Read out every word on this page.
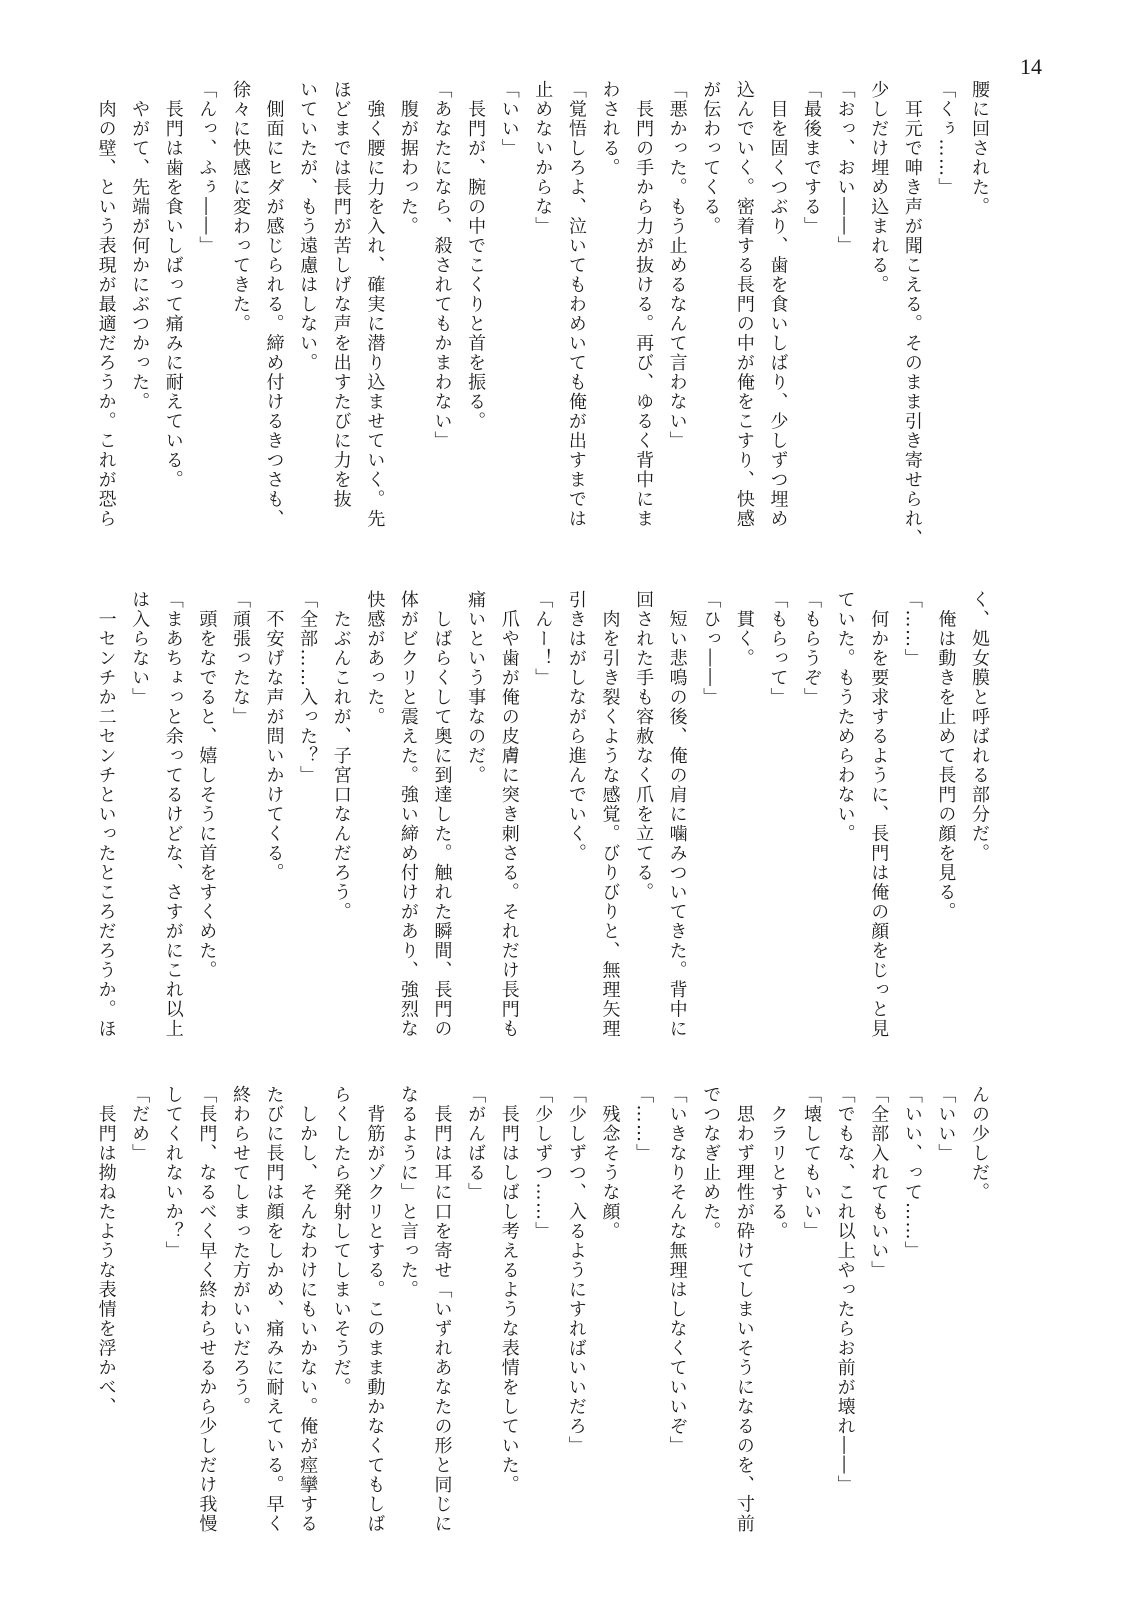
14
腰に回された。
「くぅ……」
　耳元で呻き声が聞こえる。そのまま引き寄せられ、
少しだけ埋め込まれる。
「おっ、おい――」
「最後までする」
　目を固くつぶり、歯を食いしばり、少しずつ埋め
込んでいく。密着する長門の中が俺をこすり、快感
が伝わってくる。
「悪かった。もう止めるなんて言わない」
　長門の手から力が抜ける。再び、ゆるく背中にま
わされる。
「覚悟しろよ、泣いてもわめいても俺が出すまでは
止めないからな」
「いい」
　長門が、腕の中でこくりと首を振る。
「あなたになら、殺されてもかまわない」
　腹が据わった。
　強く腰に力を入れ、確実に潜り込ませていく。先
ほどまでは長門が苦しげな声を出すたびに力を抜
いていたが、もう遠慮はしない。
　側面にヒダが感じられる。締め付けるきつさも、
徐々に快感に変わってきた。
「んっ、ふぅ――」
　長門は歯を食いしばって痛みに耐えている。
　やがて、先端が何かにぶつかった。
　肉の壁、という表現が最適だろうか。これが恐ら
く、処女膜と呼ばれる部分だ。
　俺は動きを止めて長門の顔を見る。
「……」
　何かを要求するように、長門は俺の顔をじっと見
ていた。もうためらわない。
「もらうぞ」
「もらって」
　貫く。
「ひっ――」
　短い悲鳴の後、俺の肩に噛みついてきた。背中に
回された手も容赦なく爪を立てる。
　肉を引き裂くような感覚。びりびりと、無理矢理
引きはがしながら進んでいく。
「んー！」
　爪や歯が俺の皮膚に突き刺さる。それだけ長門も
痛いという事なのだ。
　しばらくして奥に到達した。触れた瞬間、長門の
体がビクリと震えた。強い締め付けがあり、強烈な
快感があった。
　たぶんこれが、子宮口なんだろう。
「全部……入った？」
　不安げな声が問いかけてくる。
「頑張ったな」
　頭をなでると、嬉しそうに首をすくめた。
「まあちょっと余ってるけどな、さすがにこれ以上
は入らない」
　一センチか二センチといったところだろうか。ほ
んの少しだ。
「いい」
「いい、って……」
「全部入れてもいい」
「でもな、これ以上やったらお前が壊れ――」
「壊してもいい」
　クラリとする。
　思わず理性が砕けてしまいそうになるのを、寸前
でつなぎ止めた。
「いきなりそんな無理はしなくていいぞ」
「……」
　残念そうな顔。
「少しずつ、入るようにすればいいだろ」
「少しずつ……」
　長門はしばし考えるような表情をしていた。
「がんばる」
　長門は耳に口を寄せ「いずれあなたの形と同じに
なるように」と言った。
　背筋がゾクリとする。このまま動かなくてもしば
らくしたら発射してしまいそうだ。
　しかし、そんなわけにもいかない。俺が痙攣する
たびに長門は顔をしかめ、痛みに耐えている。早く
終わらせてしまった方がいいだろう。
「長門、なるべく早く終わらせるから少しだけ我慢
してくれないか？」
「だめ」
　長門は拗ねたような表情を浮かべ、
